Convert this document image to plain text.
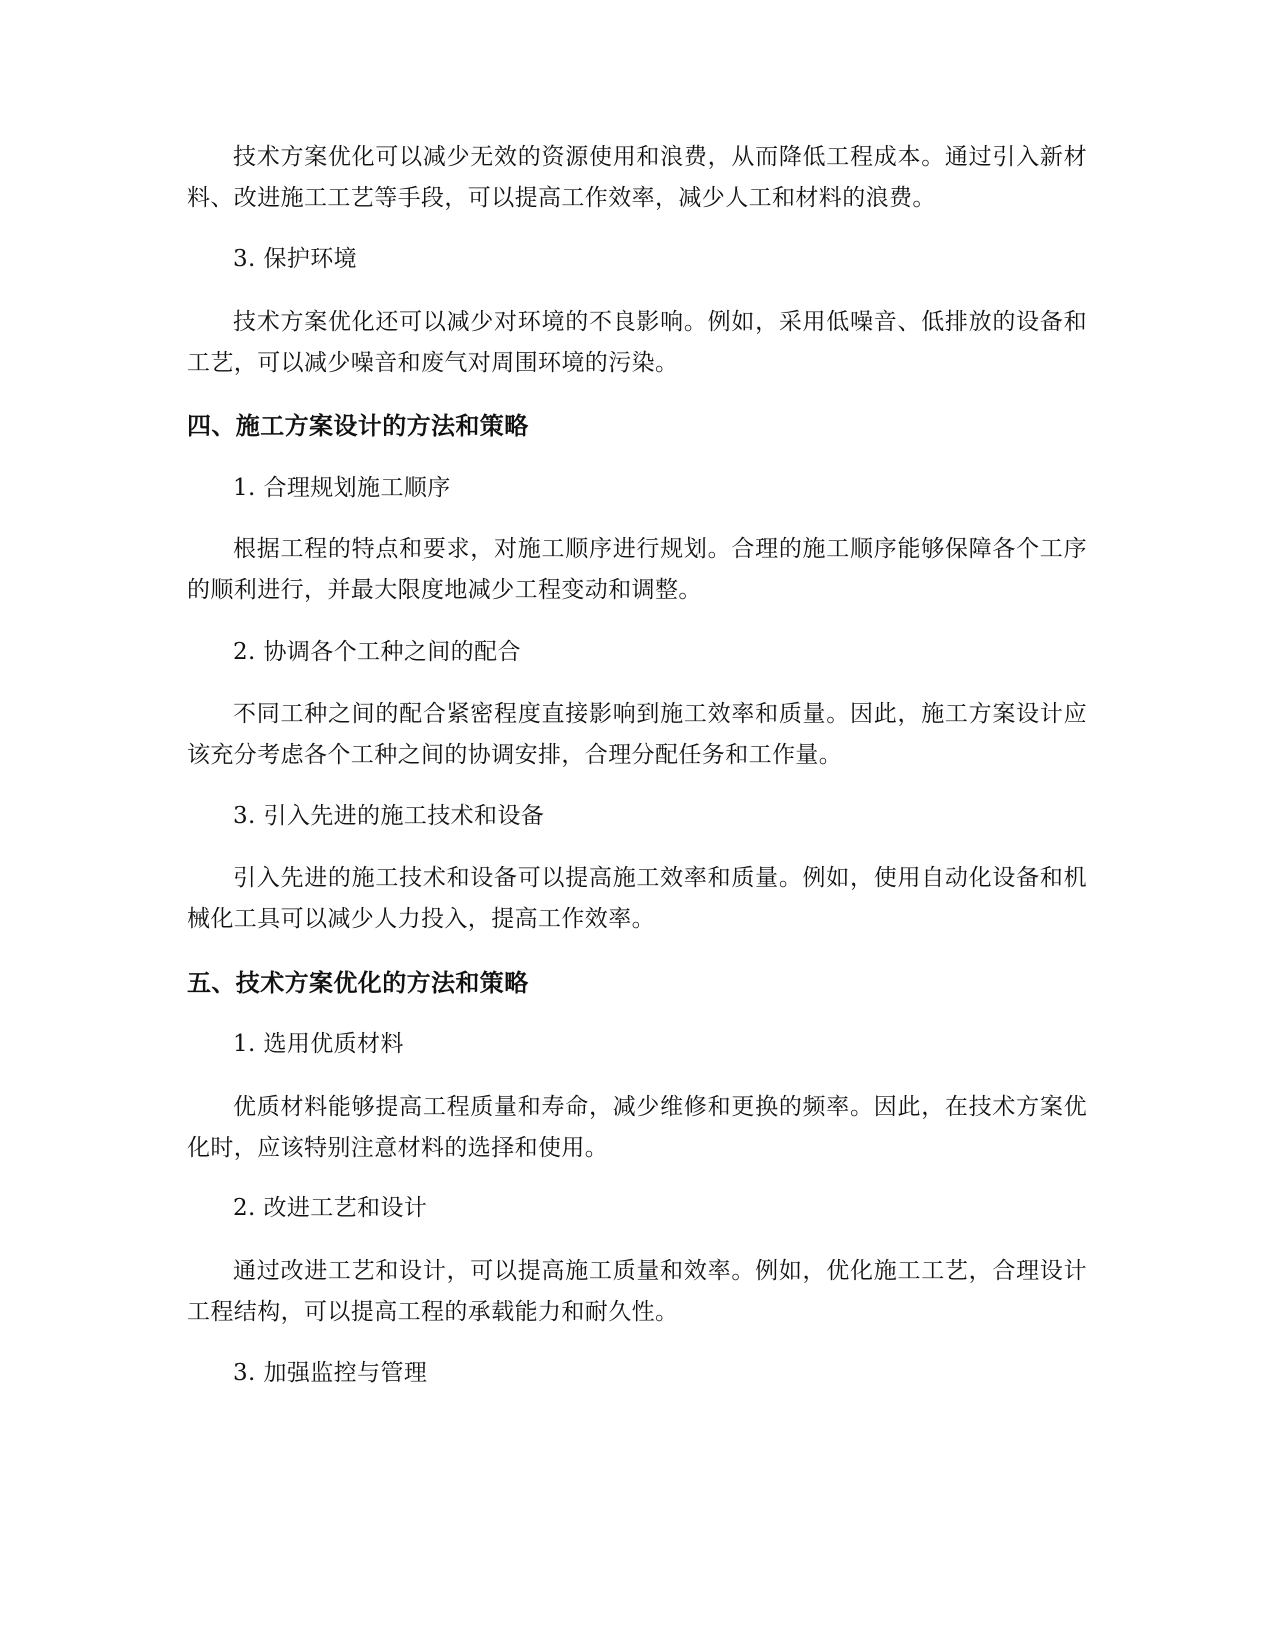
技术方案优化可以减少无效的资源使用和浪费，从而降低工程成本。通过引入新材料、改进施工工艺等手段，可以提高工作效率，减少人工和材料的浪费。

3. 保护环境

技术方案优化还可以减少对环境的不良影响。例如，采用低噪音、低排放的设备和工艺，可以减少噪音和废气对周围环境的污染。

四、施工方案设计的方法和策略

1. 合理规划施工顺序

根据工程的特点和要求，对施工顺序进行规划。合理的施工顺序能够保障各个工序的顺利进行，并最大限度地减少工程变动和调整。

2. 协调各个工种之间的配合

不同工种之间的配合紧密程度直接影响到施工效率和质量。因此，施工方案设计应该充分考虑各个工种之间的协调安排，合理分配任务和工作量。

3. 引入先进的施工技术和设备

引入先进的施工技术和设备可以提高施工效率和质量。例如，使用自动化设备和机械化工具可以减少人力投入，提高工作效率。

五、技术方案优化的方法和策略

1. 选用优质材料

优质材料能够提高工程质量和寿命，减少维修和更换的频率。因此，在技术方案优化时，应该特别注意材料的选择和使用。

2. 改进工艺和设计

通过改进工艺和设计，可以提高施工质量和效率。例如，优化施工工艺，合理设计工程结构，可以提高工程的承载能力和耐久性。

3. 加强监控与管理
